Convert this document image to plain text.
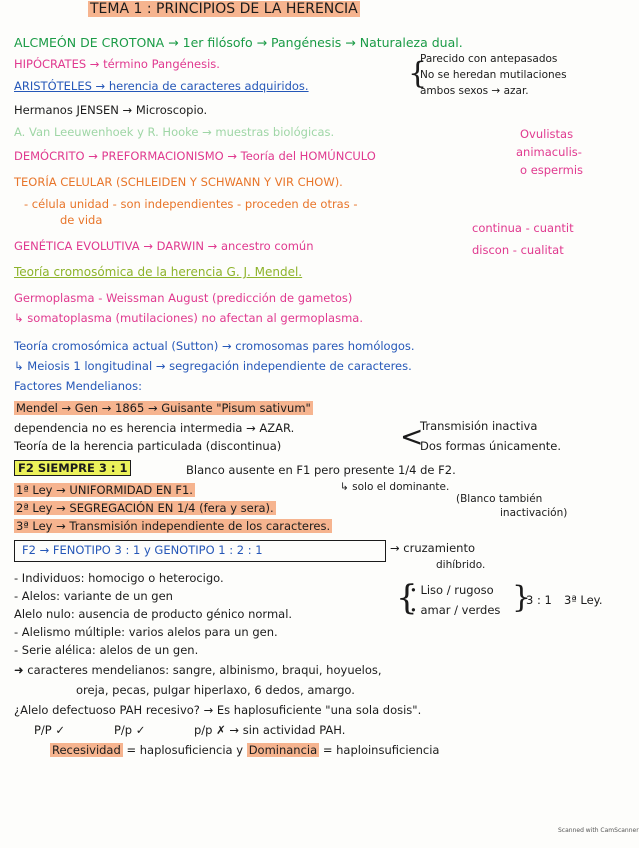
TEMA 1 : PRINCIPIOS DE LA HERENCIA
ALCMEÓN DE CROTONA → 1er filósofo → Pangénesis → Naturaleza dual.
HIPÓCRATES → término Pangénesis.	Parecido con antepasados
{
ARISTÓTELES → herencia de caracteres adquiridos.
No se heredan mutilaciones
ambos sexos → azar.
Hermanos JENSEN → Microscopio.
A. Van Leeuwenhoek y R. Hooke → muestras biológicas.
DEMÓCRITO → PREFORMACIONISMO → Teoría del HOMÚNCULO
Ovulistas
animaculis-
o espermis
TEORÍA CELULAR (SCHLEIDEN Y SCHWANN Y VIR CHOW).
- célula unidad - son independientes - proceden de otras -
de vida
continua - cuantit
GENÉTICA EVOLUTIVA → DARWIN → ancestro común	discon - cualitat
Teoría cromosómica de la herencia G. J. Mendel.
Germoplasma - Weissman August (predicción de gametos)
↳ somatoplasma (mutilaciones) no afectan al germoplasma.
Teoría cromosómica actual (Sutton) → cromosomas pares homólogos.
↳ Meiosis 1 longitudinal → segregación independiente de caracteres.
Factores Mendelianos:
Mendel → Gen → 1865 → Guisante "Pisum sativum"
dependencia no es herencia intermedia → AZAR.	Transmisión inactiva
<
Teoría de la herencia particulada (discontinua)	Dos formas únicamente.
F2 SIEMPRE 3 : 1	Blanco ausente en F1 pero presente 1/4 de F2.
↳ solo el dominante.
1ª Ley → UNIFORMIDAD EN F1.
(Blanco también
2ª Ley → SEGREGACIÓN EN 1/4 (fera y sera).	inactivación)
3ª Ley → Transmisión independiente de los caracteres.
F2 → FENOTIPO 3 : 1 y GENOTIPO 1 : 2 : 1	→ cruzamiento
dihíbrido.
- Individuos: homocigo o heterocigo.
- Alelos: variante de un gen	{
• Liso / rugoso }
3 : 1 3ª Ley.
Alelo nulo: ausencia de producto génico normal.	• amar / verdes
- Alelismo múltiple: varios alelos para un gen.
- Serie alélica: alelos de un gen.
➜ caracteres mendelianos: sangre, albinismo, braqui, hoyuelos,
oreja, pecas, pulgar hiperlaxo, 6 dedos, amargo.
¿Alelo defectuoso PAH recesivo? → Es haplosuficiente "una sola dosis".
P/P ✓	P/p ✓	p/p ✗ → sin actividad PAH.
Recesividad = haplosuficiencia y Dominancia = haploinsuficiencia
Scanned with CamScanner
